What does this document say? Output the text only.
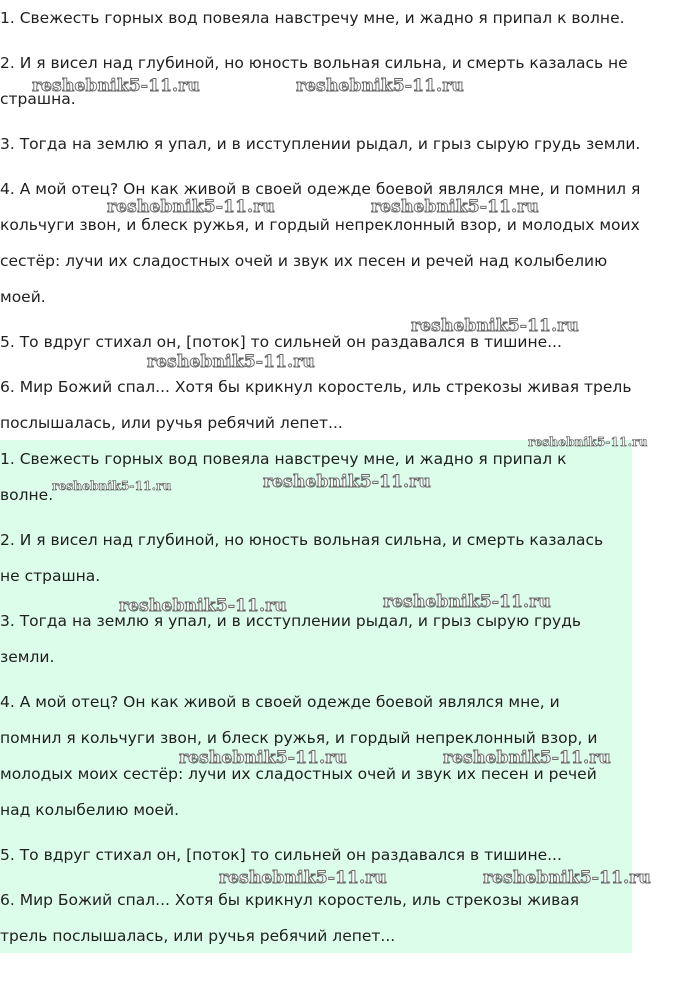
1. Свежесть горных вод повеяла навстречу мне, и жадно я припал к волне.

2. И я висел над глубиной, но юность вольная сильна, и смерть казалась не

страшна.

3. Тогда на землю я упал, и в исступлении рыдал, и грыз сырую грудь земли.

4. А мой отец? Он как живой в своей одежде боевой являлся мне, и помнил я

кольчуги звон, и блеск ружья, и гордый непреклонный взор, и молодых моих

сестёр: лучи их сладостных очей и звук их песен и речей над колыбелию

моей.

5. То вдруг стихал он, [поток] то сильней он раздавался в тишине...

6. Мир Божий спал... Хотя бы крикнул коростель, иль стрекозы живая трель

послышалась, или ручья ребячий лепет...

1. Свежесть горных вод повеяла навстречу мне, и жадно я припал к

волне.

2. И я висел над глубиной, но юность вольная сильна, и смерть казалась

не страшна.

3. Тогда на землю я упал, и в исступлении рыдал, и грыз сырую грудь

земли.

4. А мой отец? Он как живой в своей одежде боевой являлся мне, и

помнил я кольчуги звон, и блеск ружья, и гордый непреклонный взор, и

молодых моих сестёр: лучи их сладостных очей и звук их песен и речей

над колыбелию моей.

5. То вдруг стихал он, [поток] то сильней он раздавался в тишине...

6. Мир Божий спал... Хотя бы крикнул коростель, иль стрекозы живая

трель послышалась, или ручья ребячий лепет...

reshebnik5-11.ru	reshebnik5-11.ru
reshebnik5-11.ru	reshebnik5-11.ru
reshebnik5-11.ru
reshebnik5-11.ru
reshebnik5-11.ru
reshebnik5-11.ru	reshebnik5-11.ru
reshebnik5-11.ru	reshebnik5-11.ru
reshebnik5-11.ru	reshebnik5-11.ru
reshebnik5-11.ru	reshebnik5-11.ru
